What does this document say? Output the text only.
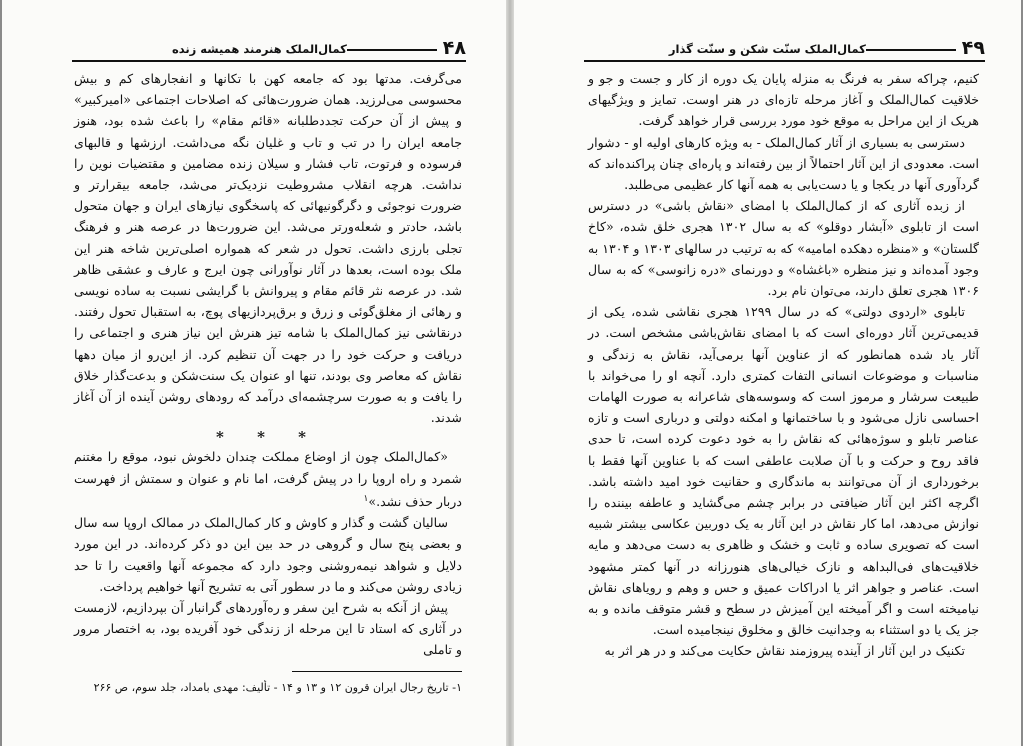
۴۸
کمال‌الملک هنرمند همیشه زنده

می‌گرفت. مدتها بود که جامعه کهن با تکانها و انفجارهای کم و بیش محسوسی می‌لرزید. همان ضرورت‌هائی که اصلاحات اجتماعی «امیرکبیر» و پیش از آن حرکت تجددطلبانه «قائم مقام» را باعث شده بود، هنوز جامعه ایران را در تب و تاب و غلیان نگه می‌داشت. ارزشها و قالبهای فرسوده و فرتوت، تاب فشار و سیلان زنده مضامین و مقتضیات نوین را نداشت. هرچه انقلاب مشروطیت نزدیک‌تر می‌شد، جامعه بیقرارتر و ضرورت نوجوئی و دگرگونیهائی که پاسخگوی نیازهای ایران و جهان متحول باشد، حادتر و شعله‌ورتر می‌شد. این ضرورت‌ها در عرصه هنر و فرهنگ تجلی بارزی داشت. تحول در شعر که همواره اصلی‌ترین شاخه هنر این ملک بوده است، بعدها در آثار نوآورانی چون ایرج و عارف و عشقی ظاهر شد. در عرصه نثر قائم مقام و پیروانش با گرایشی نسبت به ساده نویسی و رهائی از مغلق‌گوئی و زرق و برق‌پردازیهای پوچ، به استقبال تحول رفتند. درنقاشی نیز کمال‌الملک با شامه تیز هنرش این نیاز هنری و اجتماعی را دریافت و حرکت خود را در جهت آن تنظیم کرد. از این‌رو از میان دهها نقاش که معاصر وی بودند، تنها او عنوان یک سنت‌شکن و بدعت‌گذار خلاق را یافت و به صورت سرچشمه‌ای درآمد که رودهای روشن آینده از آن آغاز شدند.

* * *

«کمال‌الملک چون از اوضاع مملکت چندان دلخوش نبود، موقع را مغتنم شمرد و راه اروپا را در پیش گرفت، اما نام و عنوان و سمتش از فهرست دربار حذف نشد.»$^۱$

سالیان گشت و گذار و کاوش و کار کمال‌الملک در ممالک اروپا سه سال و بعضی پنج سال و گروهی در حد بین این دو ذکر کرده‌اند. در این مورد دلایل و شواهد نیمه‌روشنی وجود دارد که مجموعه آنها واقعیت را تا حد زیادی روشن می‌کند و ما در سطور آتی به تشریح آنها خواهیم پرداخت.

پیش از آنکه به شرح این سفر و ره‌آوردهای گرانبار آن بپردازیم، لازمست در آثاری که استاد تا این مرحله از زندگی خود آفریده بود، به اختصار مرور و تاملی

۱- تاریخ رجال ایران قرون ۱۲ و ۱۳ و ۱۴ - تألیف: مهدی بامداد، جلد سوم، ص ۲۶۶
۴۹
کمال‌الملک سنّت شکن و سنّت گذار

کنیم، چراکه سفر به فرنگ به منزله پایان یک دوره از کار و جست و جو و خلاقیت کمال‌الملک و آغاز مرحله تازه‌ای در هنر اوست. تمایز و ویژگیهای هریک از این مراحل به موقع خود مورد بررسی قرار خواهد گرفت.

دسترسی به بسیاری از آثار کمال‌الملک - به ویژه کارهای اولیه او - دشوار است. معدودی از این آثار احتمالاً از بین رفته‌اند و پاره‌ای چنان پراکنده‌اند که گردآوری آنها در یکجا و یا دست‌یابی به همه آنها کار عظیمی می‌طلبد.

از زبده آثاری که از کمال‌الملک با امضای «نقاش باشی» در دسترس است از تابلوی «آبشار دوقلو» که به سال ۱۳۰۲ هجری خلق شده، «کاخ گلستان» و «منظره دهکده امامیه» که به ترتیب در سالهای ۱۳۰۳ و ۱۳۰۴ به وجود آمده‌اند و نیز منظره «باغشاه» و دورنمای «دره زانوسی» که به سال ۱۳۰۶ هجری تعلق دارند، می‌توان نام برد.

تابلوی «اردوی دولتی» که در سال ۱۲۹۹ هجری نقاشی شده، یکی از قدیمی‌ترین آثار دوره‌ای است که با امضای نقاش‌باشی مشخص است. در آثار یاد شده همانطور که از عناوین آنها برمی‌آید، نقاش به زندگی و مناسبات و موضوعات انسانی التفات کمتری دارد. آنچه او را می‌خواند با طبیعت سرشار و مرموز است که وسوسه‌های شاعرانه به صورت الهامات احساسی نازل می‌شود و با ساختمانها و امکنه دولتی و درباری است و تازه عناصر تابلو و سوژه‌هائی که نقاش را به خود دعوت کرده است، تا حدی فاقد روح و حرکت و با آن صلابت عاطفی است که با عناوین آنها فقط با برخورداری از آن می‌توانند به ماندگاری و حقانیت خود امید داشته باشد. اگرچه اکثر این آثار ضیافتی در برابر چشم می‌گشاید و عاطفه بیننده را نوازش می‌دهد، اما کار نقاش در این آثار به یک دوربین عکاسی بیشتر شبیه است که تصویری ساده و ثابت و خشک و ظاهری به دست می‌دهد و مایه خلاقیت‌های فی‌البداهه و نازک خیالی‌های هنورزانه در آنها کمتر مشهود است. عناصر و جواهر اثر یا ادراکات عمیق و حس و وهم و رویاهای نقاش نیامیخته است و اگر آمیخته این آمیزش در سطح و قشر متوقف مانده و به جز یک یا دو استثناء به وجدانیت خالق و مخلوق نینجامیده است.

تکنیک در این آثار از آینده پیروزمند نقاش حکایت می‌کند و در هر اثر به
